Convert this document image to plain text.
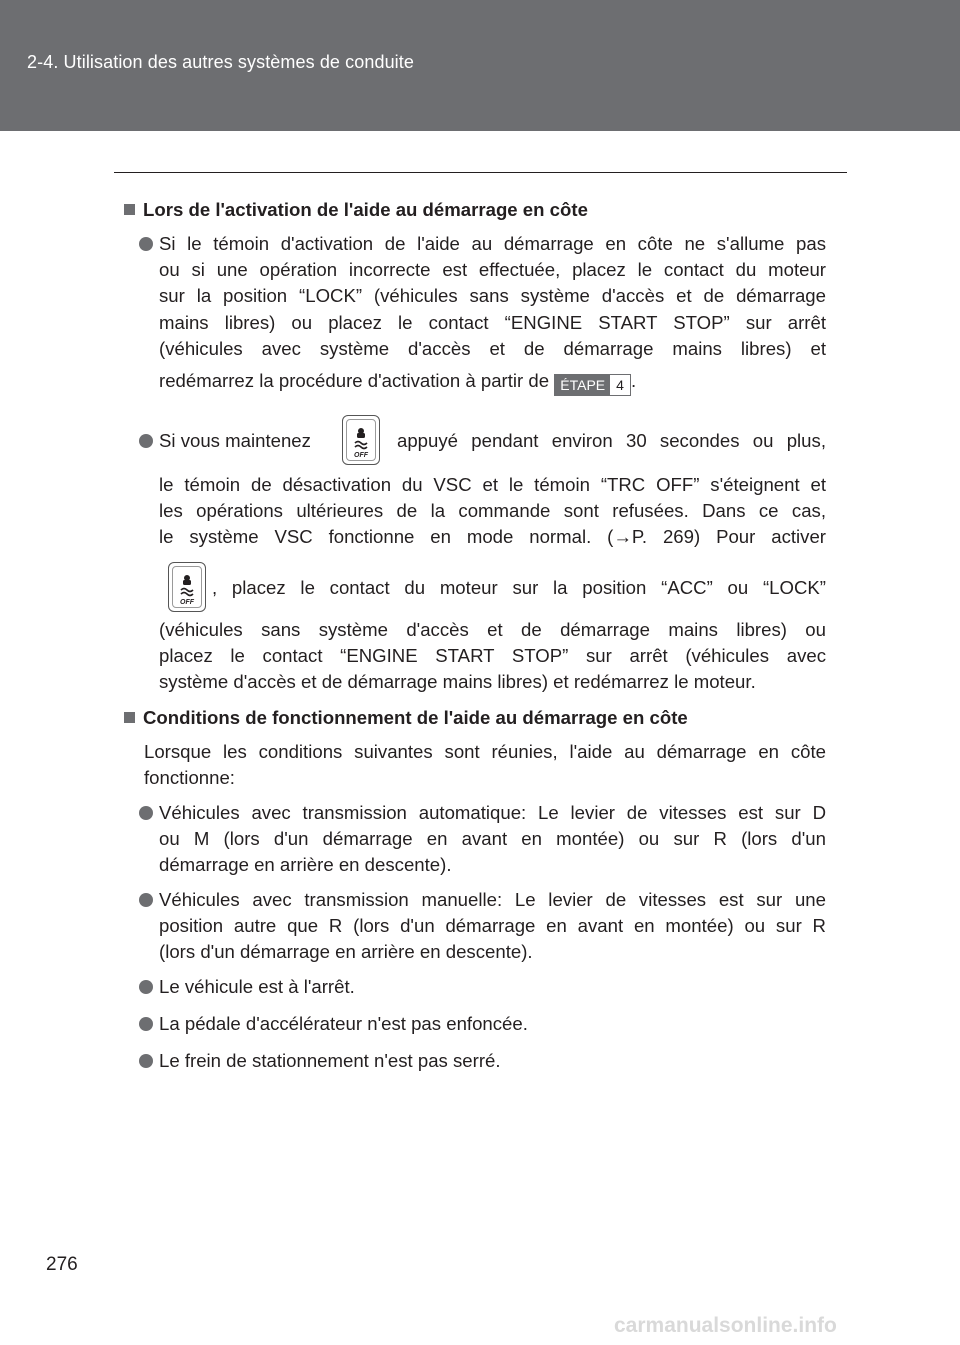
2-4. Utilisation des autres systèmes de conduite
Lors de l'activation de l'aide au démarrage en côte
Si le témoin d'activation de l'aide au démarrage en côte ne s'allume pas
ou si une opération incorrecte est effectuée, placez le contact du moteur
sur la position “LOCK” (véhicules sans système d'accès et de démarrage
mains libres) ou placez le contact “ENGINE START STOP” sur arrêt
(véhicules avec système d'accès et de démarrage mains libres) et
redémarrez la procédure d'activation à partir de ÉTAPE 4 .
Si vous maintenez
OFF
appuyé pendant environ 30 secondes ou plus,
le témoin de désactivation du VSC et le témoin “TRC OFF” s'éteignent et
les opérations ultérieures de la commande sont refusées. Dans ce cas,
le système VSC fonctionne en mode normal. (→P. 269) Pour activer
OFF
, placez le contact du moteur sur la position “ACC” ou “LOCK”
(véhicules sans système d'accès et de démarrage mains libres) ou
placez le contact “ENGINE START STOP” sur arrêt (véhicules avec
système d'accès et de démarrage mains libres) et redémarrez le moteur.
Conditions de fonctionnement de l'aide au démarrage en côte
Lorsque les conditions suivantes sont réunies, l'aide au démarrage en côte
fonctionne:
Véhicules avec transmission automatique: Le levier de vitesses est sur D
ou M (lors d'un démarrage en avant en montée) ou sur R (lors d'un
démarrage en arrière en descente).
Véhicules avec transmission manuelle: Le levier de vitesses est sur une
position autre que R (lors d'un démarrage en avant en montée) ou sur R
(lors d'un démarrage en arrière en descente).
Le véhicule est à l'arrêt.
La pédale d'accélérateur n'est pas enfoncée.
Le frein de stationnement n'est pas serré.
276
carmanualsonline.info
